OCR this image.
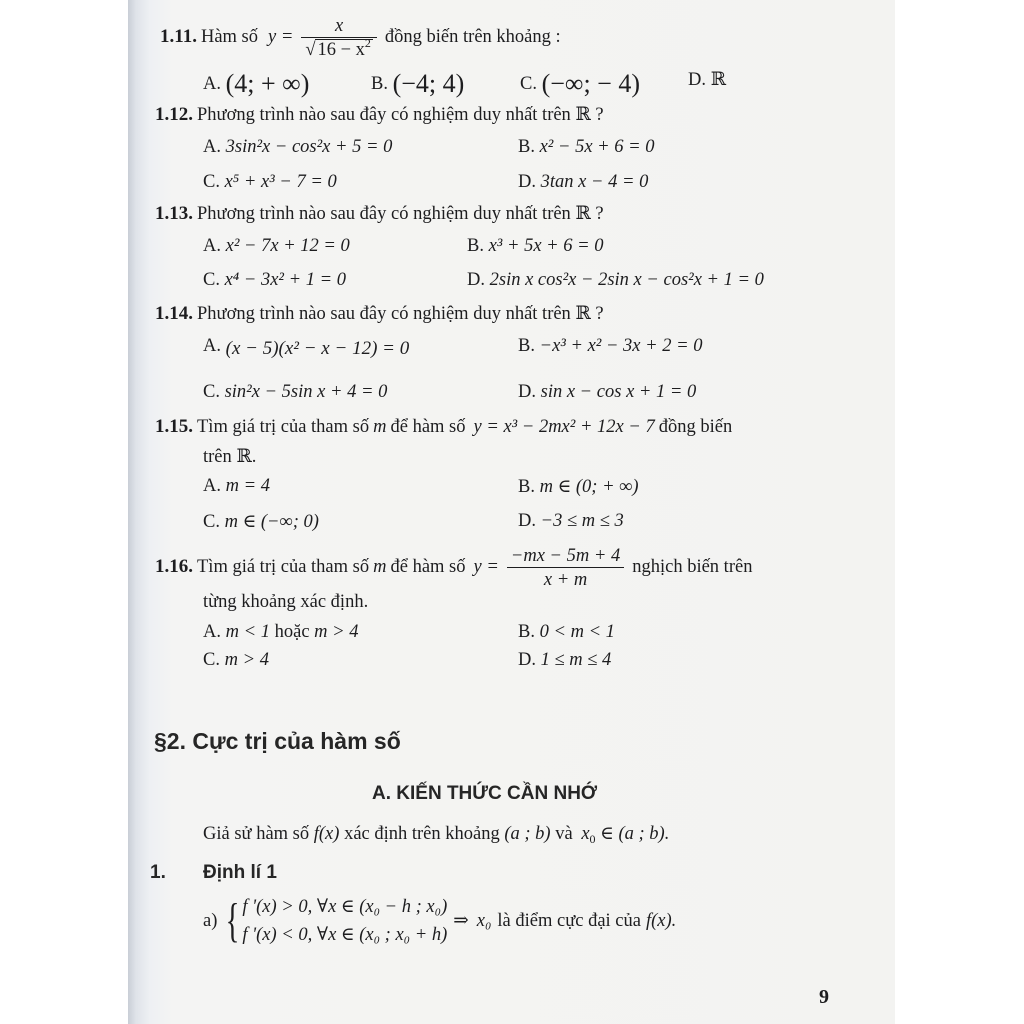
1.11. Hàm số $y = \frac{x}{√ 16 - x^2}$ đồng biến trên khoảng :
A. (4; + ∞)	B. (−4; 4)	C. (−∞; − 4)	D. ℝ
1.12. Phương trình nào sau đây có nghiệm duy nhất trên ℝ ?
A. 3sin²x − cos²x + 5 = 0	B. x² − 5x + 6 = 0
C. x⁵ + x³ − 7 = 0	D. 3tan x − 4 = 0
1.13. Phương trình nào sau đây có nghiệm duy nhất trên ℝ ?
A. x² − 7x + 12 = 0	B. x³ + 5x + 6 = 0
C. x⁴ − 3x² + 1 = 0	D. 2sin x cos²x − 2sin x − cos²x + 1 = 0
1.14. Phương trình nào sau đây có nghiệm duy nhất trên ℝ ?
A. (x − 5)(x² − x − 12) = 0	B. −x³ + x² − 3x + 2 = 0
C. sin²x − 5sin x + 4 = 0	D. sin x − cos x + 1 = 0
1.15. Tìm giá trị của tham số m để hàm số y = x³ − 2mx² + 12x − 7 đồng biến
trên ℝ.
A. m = 4	B. m ∈ (0; + ∞)
C. m ∈ (−∞; 0)	D. −3 ≤ m ≤ 3
1.16. Tìm giá trị của tham số m để hàm số $y = \frac{-mx - 5m + 4}{x + m}$ nghịch biến trên
từng khoảng xác định.
A. m < 1 hoặc m > 4	B. 0 < m < 1
C. m > 4	D. 1 ≤ m ≤ 4
§2. Cực trị của hàm số
A. KIẾN THỨC CẦN NHỚ
Giả sử hàm số f(x) xác định trên khoảng (a ; b) và $x_0$ ∈ (a ; b).
1. Định lí 1
a) { f '(x) > 0, ∀x ∈ (x₀ − h ; x₀)
f '(x) < 0, ∀x ∈ (x₀ ; x₀ + h)
⇒ x₀ là điểm cực đại của f(x).
9
